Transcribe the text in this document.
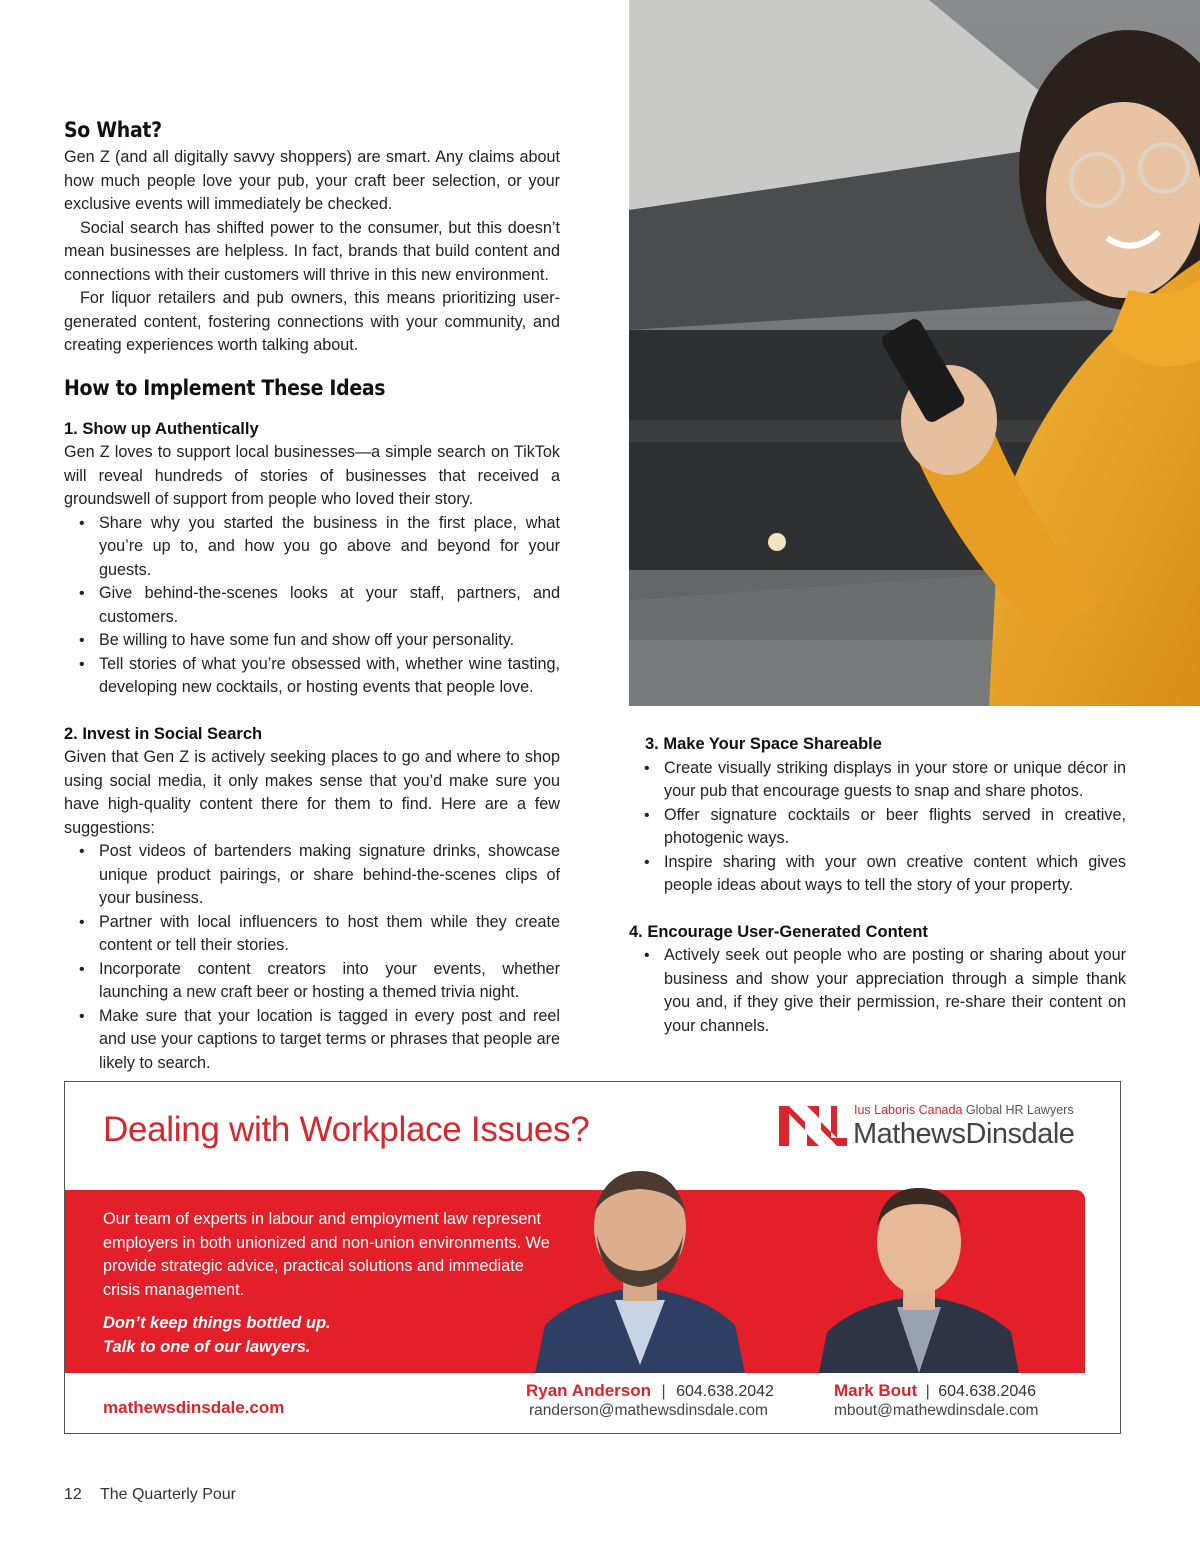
So What?

Gen Z (and all digitally savvy shoppers) are smart. Any claims about how much people love your pub, your craft beer selection, or your exclusive events will immediately be checked.

Social search has shifted power to the consumer, but this doesn’t mean businesses are helpless. In fact, brands that build content and connections with their customers will thrive in this new environment.

For liquor retailers and pub owners, this means prioritizing user-generated content, fostering connections with your community, and creating experiences worth talking about.

How to Implement These Ideas
1. Show up Authentically

Gen Z loves to support local businesses—a simple search on TikTok will reveal hundreds of stories of businesses that received a groundswell of support from people who loved their story.

• Share why you started the business in the first place, what you’re up to, and how you go above and beyond for your guests.
• Give behind-the-scenes looks at your staff, partners, and customers.
• Be willing to have some fun and show off your personality.
• Tell stories of what you’re obsessed with, whether wine tasting, developing new cocktails, or hosting events that people love.
2. Invest in Social Search

Given that Gen Z is actively seeking places to go and where to shop using social media, it only makes sense that you’d make sure you have high-quality content there for them to find. Here are a few suggestions:

• Post videos of bartenders making signature drinks, showcase unique product pairings, or share behind-the-scenes clips of your business.
• Partner with local influencers to host them while they create content or tell their stories.
• Incorporate content creators into your events, whether launching a new craft beer or hosting a themed trivia night.
• Make sure that your location is tagged in every post and reel and use your captions to target terms or phrases that people are likely to search.
3. Make Your Space Shareable
• Create visually striking displays in your store or unique décor in your pub that encourage guests to snap and share photos.
• Offer signature cocktails or beer flights served in creative, photogenic ways.
• Inspire sharing with your own creative content which gives people ideas about ways to tell the story of your property.
4. Encourage User-Generated Content
• Actively seek out people who are posting or sharing about your business and show your appreciation through a simple thank you and, if they give their permission, re-share their content on your channels.
Dealing with Workplace Issues?	Ius Laboris Canada Global HR Lawyers
MathewsDinsdale
Our team of experts in labour and employment law represent employers in both unionized and non-union environments. We provide strategic advice, practical solutions and immediate crisis management.
Don’t keep things bottled up.
Talk to one of our lawyers.
mathewsdinsdale.com
Ryan Anderson | 604.638.2042
randerson@mathewsdinsdale.com
Mark Bout | 604.638.2046
mbout@mathewdinsdale.com
12 The Quarterly Pour
